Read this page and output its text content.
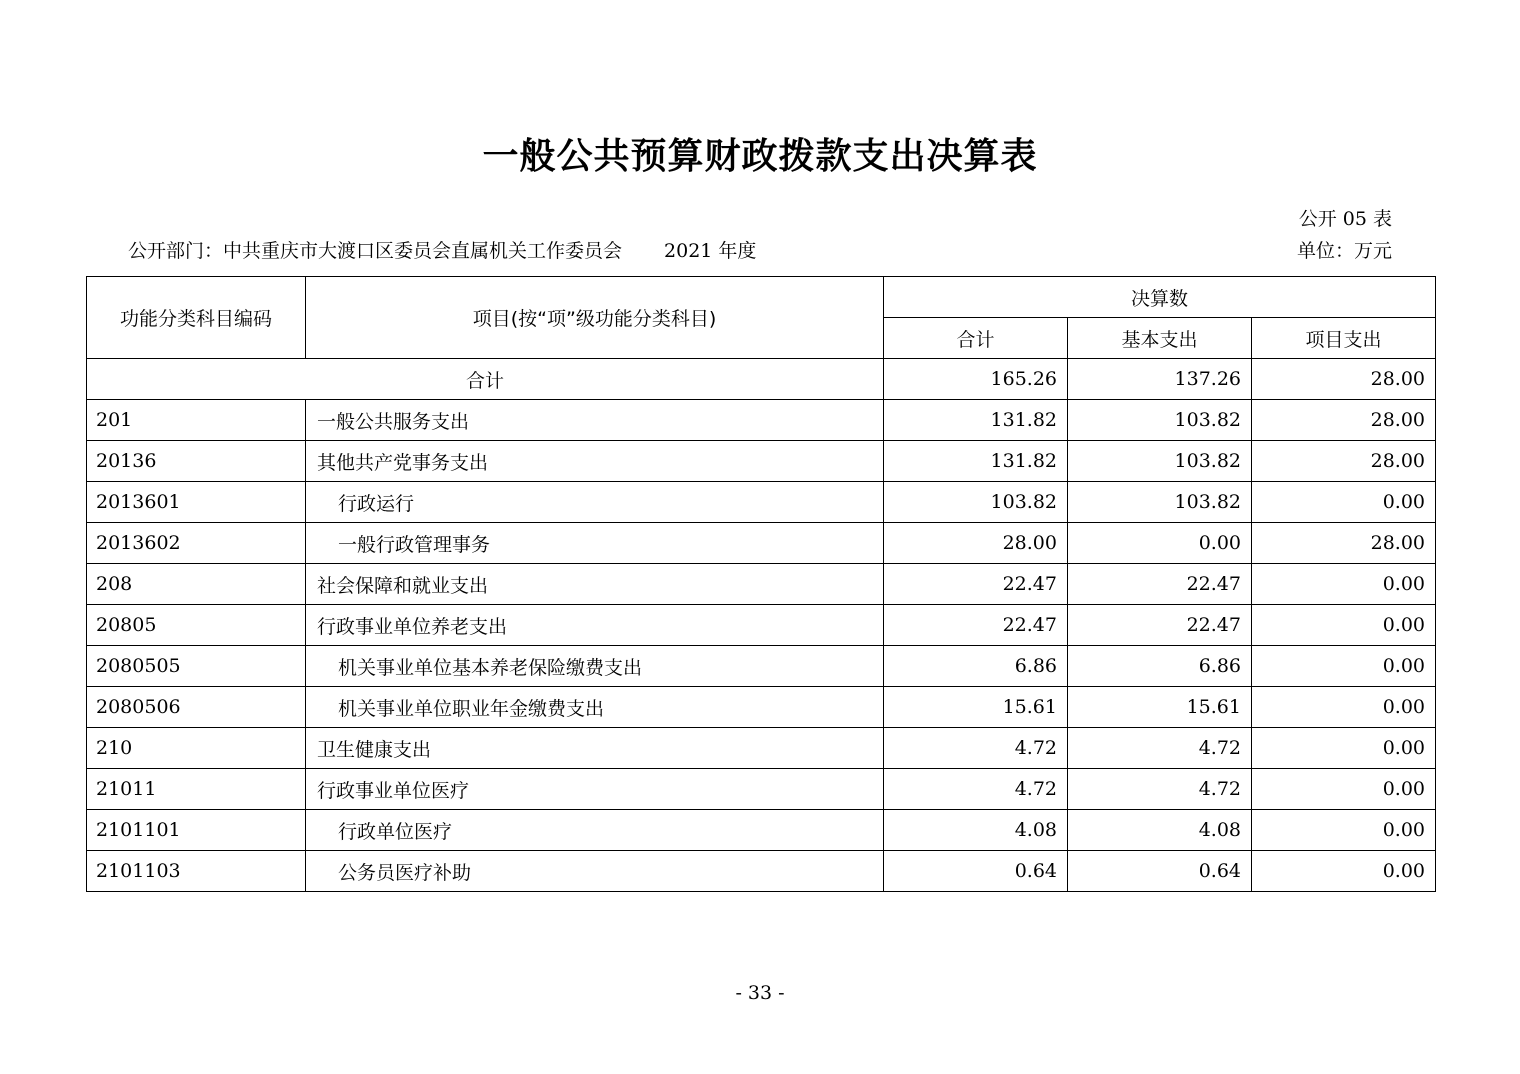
一般公共预算财政拨款支出决算表
公开 05 表
公开部门：中共重庆市大渡口区委员会直属机关工作委员会 2021 年度	单位：万元
功能分类科目编码	项目(按“项”级功能分类科目)	决算数		
		合计	基本支出	项目支出
合计		165.26	137.26	28.00
201	一般公共服务支出	131.82	103.82	28.00
20136	其他共产党事务支出	131.82	103.82	28.00
2013601	行政运行	103.82	103.82	0.00
2013602	一般行政管理事务	28.00	0.00	28.00
208	社会保障和就业支出	22.47	22.47	0.00
20805	行政事业单位养老支出	22.47	22.47	0.00
2080505	机关事业单位基本养老保险缴费支出	6.86	6.86	0.00
2080506	机关事业单位职业年金缴费支出	15.61	15.61	0.00
210	卫生健康支出	4.72	4.72	0.00
21011	行政事业单位医疗	4.72	4.72	0.00
2101101	行政单位医疗	4.08	4.08	0.00
2101103	公务员医疗补助	0.64	0.64	0.00
- 33 -
